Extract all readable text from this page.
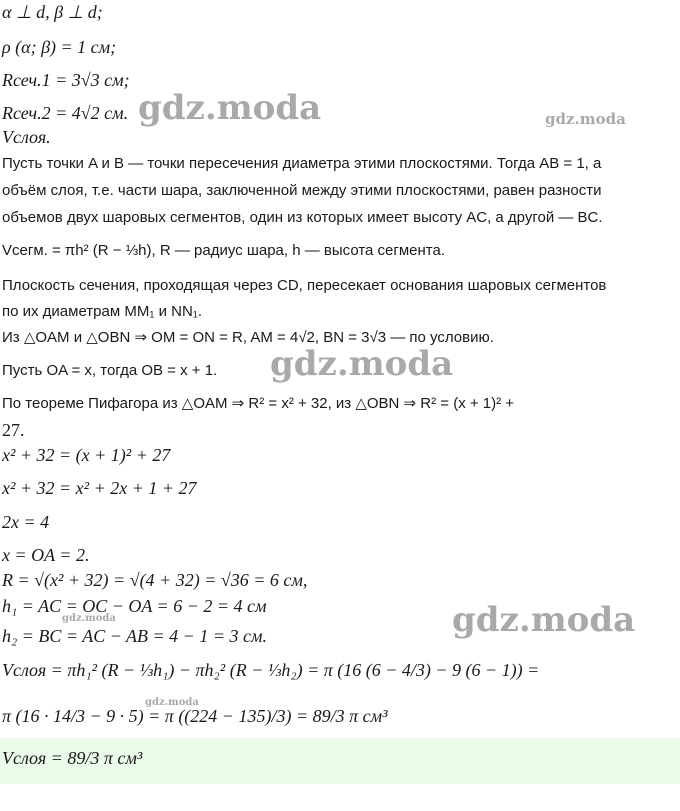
α ⊥ d, β ⊥ d;
ρ (α; β) = 1 см;
Rсеч.1 = 3√3 см;
Rсеч.2 = 4√2 см.
Vслоя.
Пусть точки A и B — точки пересечения диаметра этими плоскостями. Тогда AB = 1, а
объём слоя, т.е. части шара, заключенной между этими плоскостями, равен разности
объемов двух шаровых сегментов, один из которых имеет высоту AC, а другой — BC.
Vсегм. = πh² (R − ⅓h), R — радиус шара, h — высота сегмента.
Плоскость сечения, проходящая через CD, пересекает основания шаровых сегментов
по их диаметрам MM₁ и NN₁.
Из △OAM и △OBN ⇒ OM = ON = R, AM = 4√2, BN = 3√3 — по условию.
Пусть OA = x, тогда OB = x + 1.
По теореме Пифагора из △OAM ⇒ R² = x² + 32, из △OBN ⇒ R² = (x + 1)² +
27.
x² + 32 = (x + 1)² + 27
x² + 32 = x² + 2x + 1 + 27
2x = 4
x = OA = 2.
R = √(x² + 32) = √(4 + 32) = √36 = 6 см,
h₁ = AC = OC − OA = 6 − 2 = 4 см
h₂ = BC = AC − AB = 4 − 1 = 3 см.
Vслоя = πh₁² (R − ⅓h₁) − πh₂² (R − ⅓h₂) = π (16 (6 − 4/3) − 9 (6 − 1)) =
π (16 · 14/3 − 9 · 5) = π ((224 − 135)/3) = 89/3 π см³
Vслоя = 89/3 π см³
gdz.moda	gdz.moda
gdz.moda
gdz.moda
gdz.moda
gdz.moda
